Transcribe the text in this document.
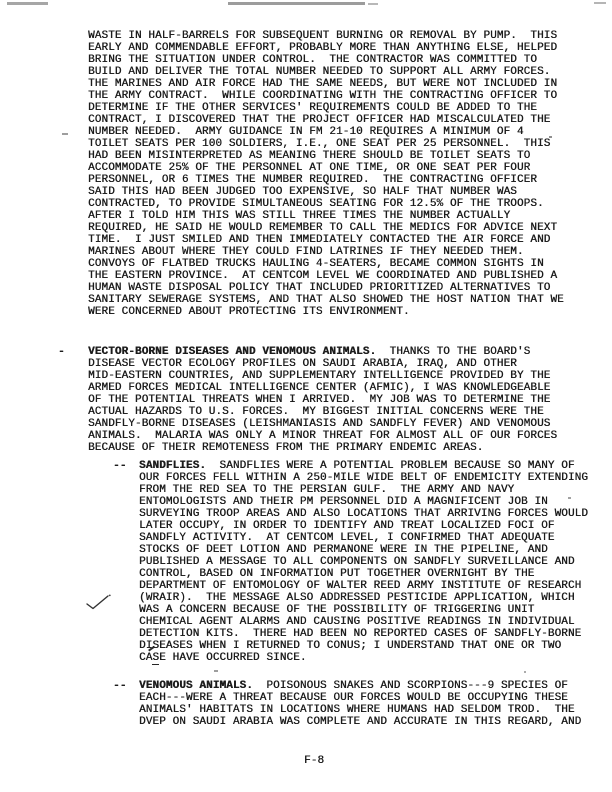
WASTE IN HALF-BARRELS FOR SUBSEQUENT BURNING OR REMOVAL BY PUMP.  THIS
EARLY AND COMMENDABLE EFFORT, PROBABLY MORE THAN ANYTHING ELSE, HELPED
BRING THE SITUATION UNDER CONTROL.  THE CONTRACTOR WAS COMMITTED TO
BUILD AND DELIVER THE TOTAL NUMBER NEEDED TO SUPPORT ALL ARMY FORCES.
THE MARINES AND AIR FORCE HAD THE SAME NEEDS, BUT WERE NOT INCLUDED IN
THE ARMY CONTRACT.  WHILE COORDINATING WITH THE CONTRACTING OFFICER TO
DETERMINE IF THE OTHER SERVICES' REQUIREMENTS COULD BE ADDED TO THE
CONTRACT, I DISCOVERED THAT THE PROJECT OFFICER HAD MISCALCULATED THE
NUMBER NEEDED.  ARMY GUIDANCE IN FM 21-10 REQUIRES A MINIMUM OF 4
TOILET SEATS PER 100 SOLDIERS, I.E., ONE SEAT PER 25 PERSONNEL.  THIS
HAD BEEN MISINTERPRETED AS MEANING THERE SHOULD BE TOILET SEATS TO
ACCOMMODATE 25% OF THE PERSONNEL AT ONE TIME, OR ONE SEAT PER FOUR
PERSONNEL, OR 6 TIMES THE NUMBER REQUIRED.  THE CONTRACTING OFFICER
SAID THIS HAD BEEN JUDGED TOO EXPENSIVE, SO HALF THAT NUMBER WAS
CONTRACTED, TO PROVIDE SIMULTANEOUS SEATING FOR 12.5% OF THE TROOPS.
AFTER I TOLD HIM THIS WAS STILL THREE TIMES THE NUMBER ACTUALLY
REQUIRED, HE SAID HE WOULD REMEMBER TO CALL THE MEDICS FOR ADVICE NEXT
TIME.  I JUST SMILED AND THEN IMMEDIATELY CONTACTED THE AIR FORCE AND
MARINES ABOUT WHERE THEY COULD FIND LATRINES IF THEY NEEDED THEM.
CONVOYS OF FLATBED TRUCKS HAULING 4-SEATERS, BECAME COMMON SIGHTS IN
THE EASTERN PROVINCE.  AT CENTCOM LEVEL WE COORDINATED AND PUBLISHED A
HUMAN WASTE DISPOSAL POLICY THAT INCLUDED PRIORITIZED ALTERNATIVES TO
SANITARY SEWERAGE SYSTEMS, AND THAT ALSO SHOWED THE HOST NATION THAT WE
WERE CONCERNED ABOUT PROTECTING ITS ENVIRONMENT.
- VECTOR-BORNE DISEASES AND VENOMOUS ANIMALS.  THANKS TO THE BOARD'S
DISEASE VECTOR ECOLOGY PROFILES ON SAUDI ARABIA, IRAQ, AND OTHER
MID-EASTERN COUNTRIES, AND SUPPLEMENTARY INTELLIGENCE PROVIDED BY THE
ARMED FORCES MEDICAL INTELLIGENCE CENTER (AFMIC), I WAS KNOWLEDGEABLE
OF THE POTENTIAL THREATS WHEN I ARRIVED.  MY JOB WAS TO DETERMINE THE
ACTUAL HAZARDS TO U.S. FORCES.  MY BIGGEST INITIAL CONCERNS WERE THE
SANDFLY-BORNE DISEASES (LEISHMANIASIS AND SANDFLY FEVER) AND VENOMOUS
ANIMALS.  MALARIA WAS ONLY A MINOR THREAT FOR ALMOST ALL OF OUR FORCES
BECAUSE OF THEIR REMOTENESS FROM THE PRIMARY ENDEMIC AREAS.
-- SANDFLIES.  SANDFLIES WERE A POTENTIAL PROBLEM BECAUSE SO MANY OF
OUR FORCES FELL WITHIN A 250-MILE WIDE BELT OF ENDEMICITY EXTENDING
FROM THE RED SEA TO THE PERSIAN GULF.  THE ARMY AND NAVY
ENTOMOLOGISTS AND THEIR PM PERSONNEL DID A MAGNIFICENT JOB IN
SURVEYING TROOP AREAS AND ALSO LOCATIONS THAT ARRIVING FORCES WOULD
LATER OCCUPY, IN ORDER TO IDENTIFY AND TREAT LOCALIZED FOCI OF
SANDFLY ACTIVITY.  AT CENTCOM LEVEL, I CONFIRMED THAT ADEQUATE
STOCKS OF DEET LOTION AND PERMANONE WERE IN THE PIPELINE, AND
PUBLISHED A MESSAGE TO ALL COMPONENTS ON SANDFLY SURVEILLANCE AND
CONTROL, BASED ON INFORMATION PUT TOGETHER OVERNIGHT BY THE
DEPARTMENT OF ENTOMOLOGY OF WALTER REED ARMY INSTITUTE OF RESEARCH
(WRAIR).  THE MESSAGE ALSO ADDRESSED PESTICIDE APPLICATION, WHICH
WAS A CONCERN BECAUSE OF THE POSSIBILITY OF TRIGGERING UNIT
CHEMICAL AGENT ALARMS AND CAUSING POSITIVE READINGS IN INDIVIDUAL
DETECTION KITS.  THERE HAD BEEN NO REPORTED CASES OF SANDFLY-BORNE
DISEASES WHEN I RETURNED TO CONUS; I UNDERSTAND THAT ONE OR TWO
CASE HAVE OCCURRED SINCE.
-- VENOMOUS ANIMALS.  POISONOUS SNAKES AND SCORPIONS---9 SPECIES OF
EACH---WERE A THREAT BECAUSE OUR FORCES WOULD BE OCCUPYING THESE
ANIMALS' HABITATS IN LOCATIONS WHERE HUMANS HAD SELDOM TROD.  THE
DVEP ON SAUDI ARABIA WAS COMPLETE AND ACCURATE IN THIS REGARD, AND
F-8
